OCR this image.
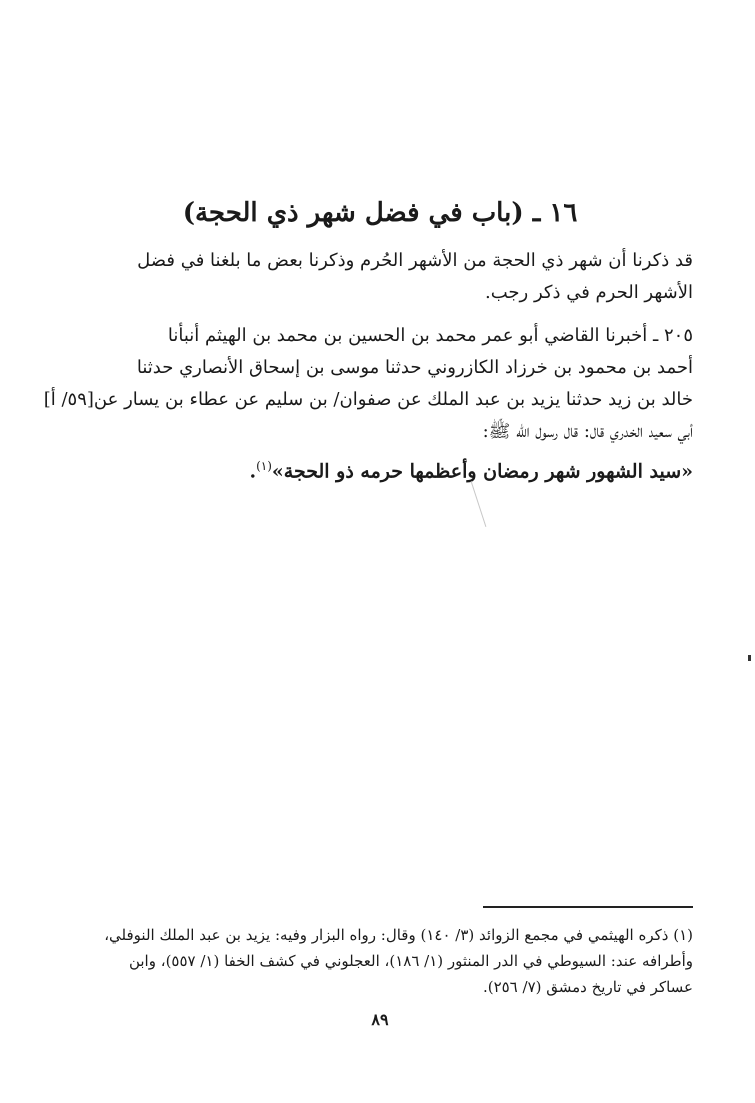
١٦ ـ (باب في فضل شهر ذي الحجة)
قد ذكرنا أن شهر ذي الحجة من الأشهر الحُرم وذكرنا بعض ما بلغنا في فضل
الأشهر الحرم في ذكر رجب.
٢٠٥ ـ أخبرنا القاضي أبو عمر محمد بن الحسين بن محمد بن الهيثم أنبأنا
أحمد بن محمود بن خرزاد الكازروني حدثنا موسى بن إسحاق الأنصاري حدثنا
خالد بن زيد حدثنا يزيد بن عبد الملك عن صفوان/ بن سليم عن عطاء بن يسار عن[٥٩/ أ]
أبي سعيد الخدري قال: قال رسول الله ﷺ:
«سيد الشهور شهر رمضان وأعظمها حرمه ذو الحجة»$^{(١)}$.
(١) ذكره الهيثمي في مجمع الزوائد (٣/ ١٤٠) وقال: رواه البزار وفيه: يزيد بن عبد الملك النوفلي،
وأطرافه عند: السيوطي في الدر المنثور (١/ ١٨٦)، العجلوني في كشف الخفا (١/ ٥٥٧)، وابن
عساكر في تاريخ دمشق (٧/ ٢٥٦).
٨٩
